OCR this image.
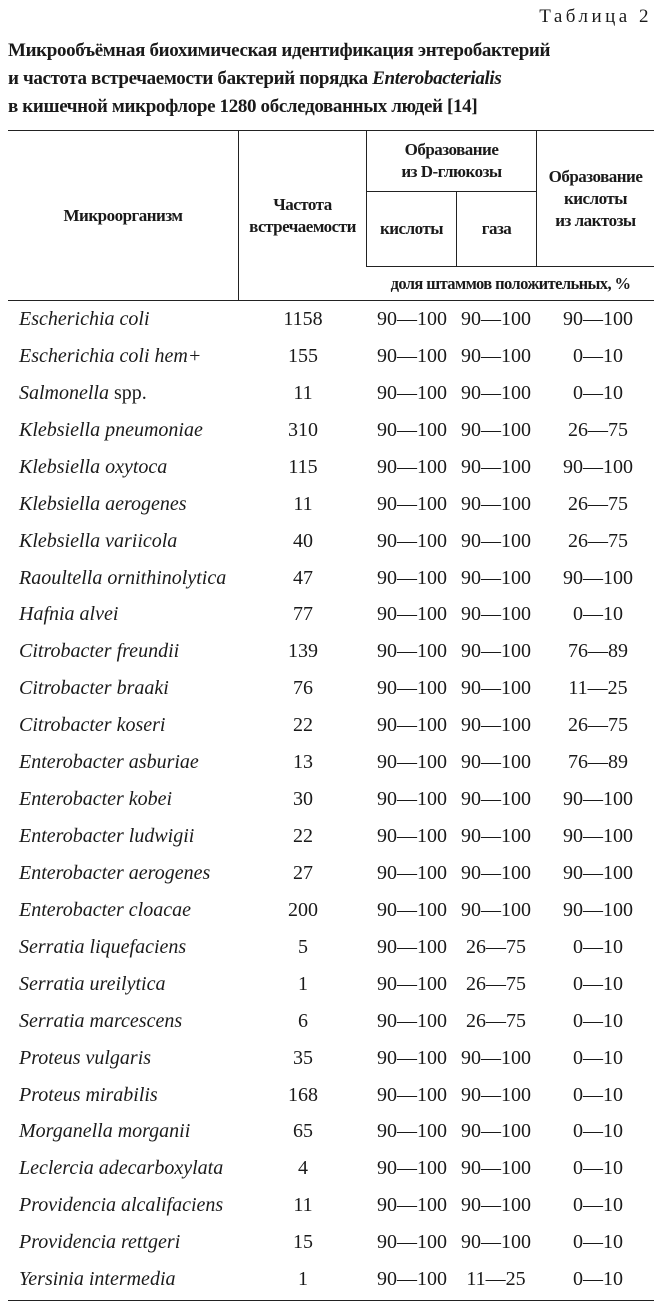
Таблица 2
Микрообъёмная биохимическая идентификация энтеробактерий
и частота встречаемости бактерий порядка Enterobacterialis
в кишечной микрофлоре 1280 обследованных людей [14]
Микроорганизм
Частота
встречаемости
Образование
из D-глюкозы
кислоты	газа
Образование
кислоты
из лактозы
доля штаммов положительных, %
Escherichia coli	1158	90—100 90—100	90—100
Escherichia coli hem+	155	90—100 90—100	0—10
Salmonella spp.	11	90—100 90—100	0—10
Klebsiella pneumoniae	310	90—100 90—100	26—75
Klebsiella oxytoca	115	90—100 90—100	90—100
Klebsiella aerogenes	11	90—100 90—100	26—75
Klebsiella variicola	40	90—100 90—100	26—75
Raoultella ornithinolytica	47	90—100 90—100	90—100
Hafnia alvei	77	90—100 90—100	0—10
Citrobacter freundii	139	90—100 90—100	76—89
Citrobacter braaki	76	90—100 90—100	11—25
Citrobacter koseri	22	90—100 90—100	26—75
Enterobacter asburiae	13	90—100 90—100	76—89
Enterobacter kobei	30	90—100 90—100	90—100
Enterobacter ludwigii	22	90—100 90—100	90—100
Enterobacter aerogenes	27	90—100 90—100	90—100
Enterobacter cloacae	200	90—100 90—100	90—100
Serratia liquefaciens	5	90—100 26—75	0—10
Serratia ureilytica	1	90—100 26—75	0—10
Serratia marcescens	6	90—100 26—75	0—10
Proteus vulgaris	35	90—100 90—100	0—10
Proteus mirabilis	168	90—100 90—100	0—10
Morganella morganii	65	90—100 90—100	0—10
Leclercia adecarboxylata	4	90—100 90—100	0—10
Providencia alcalifaciens	11	90—100 90—100	0—10
Providencia rettgeri	15	90—100 90—100	0—10
Yersinia intermedia	1	90—100 11—25	0—10
